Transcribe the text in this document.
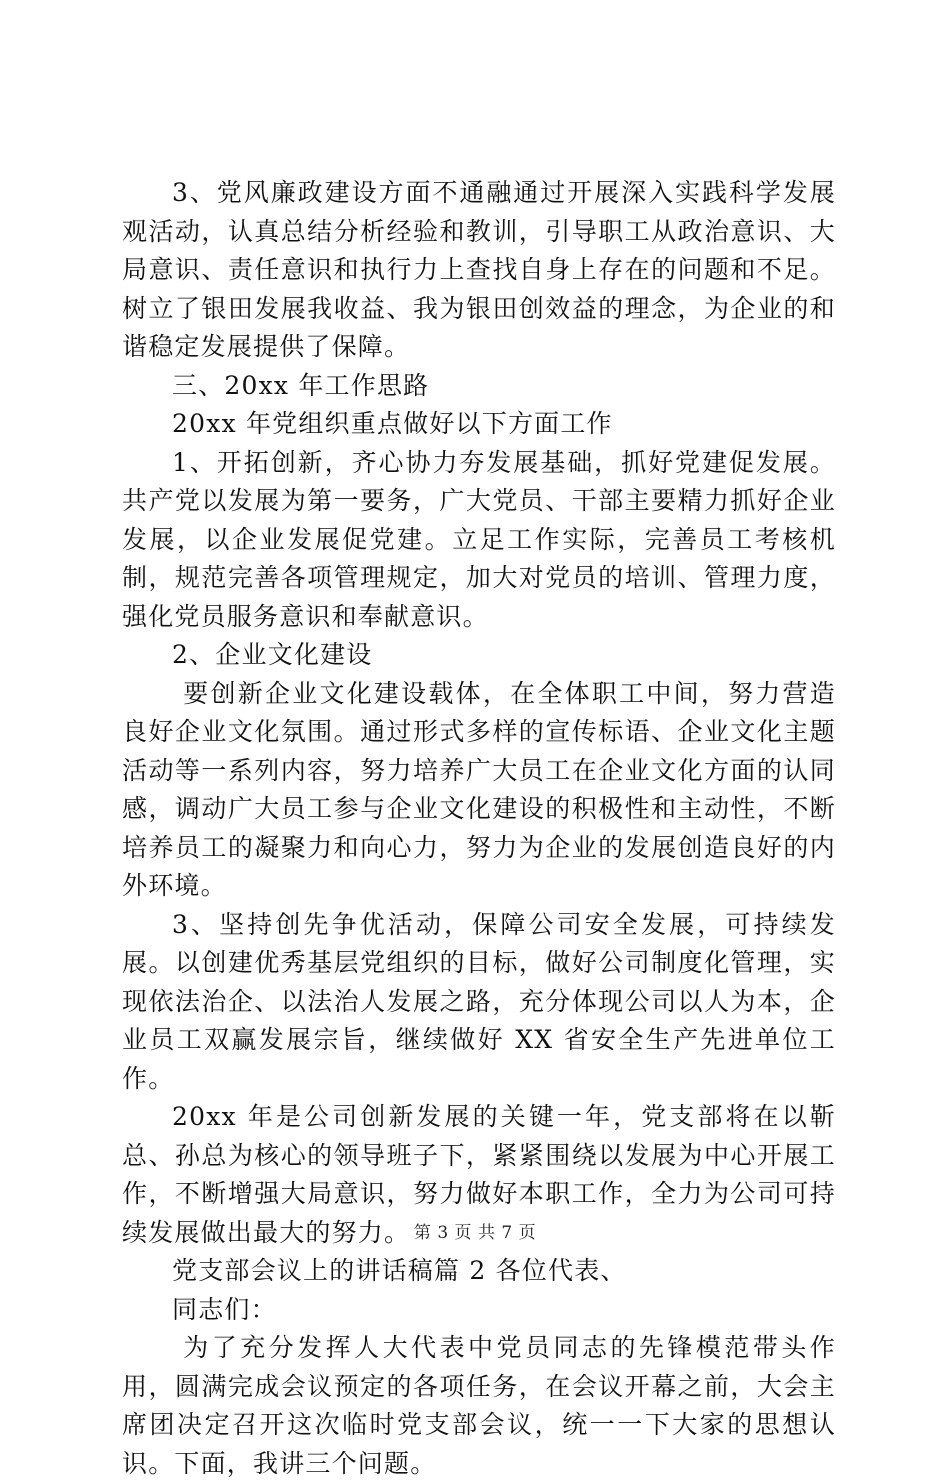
3、党风廉政建设方面不通融通过开展深入实践科学发展观活动，认真总结分析经验和教训，引导职工从政治意识、大局意识、责任意识和执行力上查找自身上存在的问题和不足。树立了银田发展我收益、我为银田创效益的理念，为企业的和谐稳定发展提供了保障。

三、20xx 年工作思路

20xx 年党组织重点做好以下方面工作

1、开拓创新，齐心协力夯发展基础，抓好党建促发展。共产党以发展为第一要务，广大党员、干部主要精力抓好企业发展，以企业发展促党建。立足工作实际，完善员工考核机制，规范完善各项管理规定，加大对党员的培训、管理力度，强化党员服务意识和奉献意识。

2、企业文化建设

要创新企业文化建设载体，在全体职工中间，努力营造良好企业文化氛围。通过形式多样的宣传标语、企业文化主题活动等一系列内容，努力培养广大员工在企业文化方面的认同感，调动广大员工参与企业文化建设的积极性和主动性，不断培养员工的凝聚力和向心力，努力为企业的发展创造良好的内外环境。

3、坚持创先争优活动，保障公司安全发展，可持续发展。以创建优秀基层党组织的目标，做好公司制度化管理，实现依法治企、以法治人发展之路，充分体现公司以人为本，企业员工双赢发展宗旨，继续做好 XX 省安全生产先进单位工作。

20xx 年是公司创新发展的关键一年，党支部将在以靳总、孙总为核心的领导班子下，紧紧围绕以发展为中心开展工作，不断增强大局意识，努力做好本职工作，全力为公司可持续发展做出最大的努力。

党支部会议上的讲话稿篇 2 各位代表、

同志们：

为了充分发挥人大代表中党员同志的先锋模范带头作用，圆满完成会议预定的各项任务，在会议开幕之前，大会主席团决定召开这次临时党支部会议，统一一下大家的思想认识。下面，我讲三个问题。

第 3 页 共 7 页
